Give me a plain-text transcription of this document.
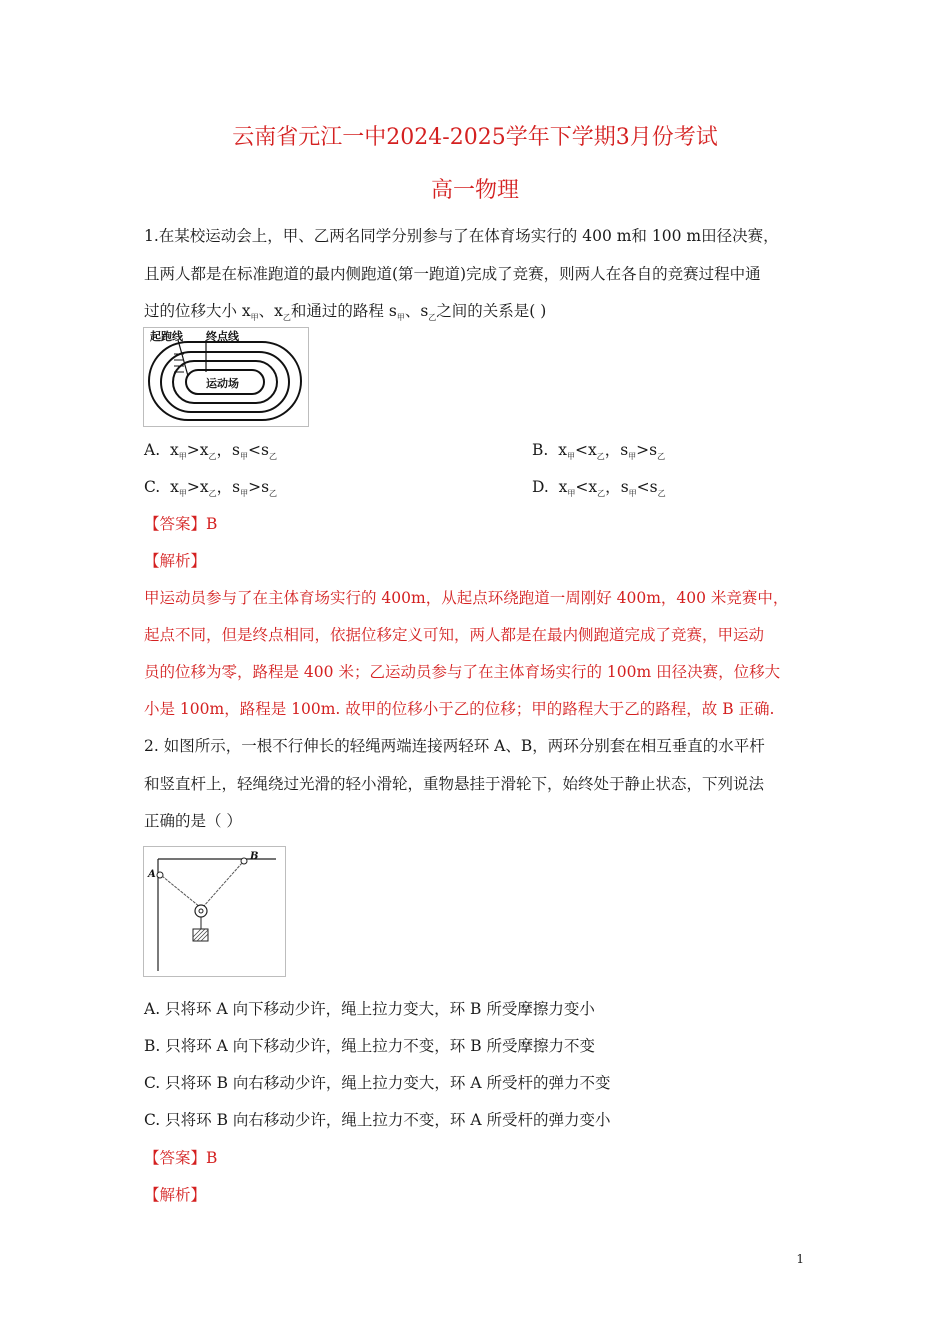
云南省元江一中2024-2025学年下学期3月份考试
高一物理
1.在某校运动会上，甲、乙两名同学分别参与了在体育场实行的 400 m和 100 m田径决赛，
且两人都是在标准跑道的最内侧跑道(第一跑道)完成了竞赛，则两人在各自的竞赛过程中通
过的位移大小 $x_甲$、$x_乙$和通过的路程 $s_甲$、$s_乙$之间的关系是( )
起跑线 终点线
运动场
A. $x_甲>x_乙$，$s_甲<s_乙$	B. $x_甲<x_乙$，$s_甲>s_乙$
C. $x_甲>x_乙$，$s_甲>s_乙$	D. $x_甲<x_乙$，$s_甲<s_乙$
【答案】B
【解析】
甲运动员参与了在主体育场实行的 400m，从起点环绕跑道一周刚好 400m，400 米竞赛中，
起点不同，但是终点相同，依据位移定义可知，两人都是在最内侧跑道完成了竞赛，甲运动
员的位移为零，路程是 400 米；乙运动员参与了在主体育场实行的 100m 田径决赛，位移大
小是 100m，路程是 100m. 故甲的位移小于乙的位移；甲的路程大于乙的路程，故 B 正确.
2. 如图所示，一根不行伸长的轻绳两端连接两轻环 A、B，两环分别套在相互垂直的水平杆
和竖直杆上，轻绳绕过光滑的轻小滑轮，重物悬挂于滑轮下，始终处于静止状态，下列说法
正确的是（ ）
A
B
A. 只将环 A 向下移动少许，绳上拉力变大，环 B 所受摩擦力变小
B. 只将环 A 向下移动少许，绳上拉力不变，环 B 所受摩擦力不变
C. 只将环 B 向右移动少许，绳上拉力变大，环 A 所受杆的弹力不变
C. 只将环 B 向右移动少许，绳上拉力不变，环 A 所受杆的弹力变小
【答案】B
【解析】
1
